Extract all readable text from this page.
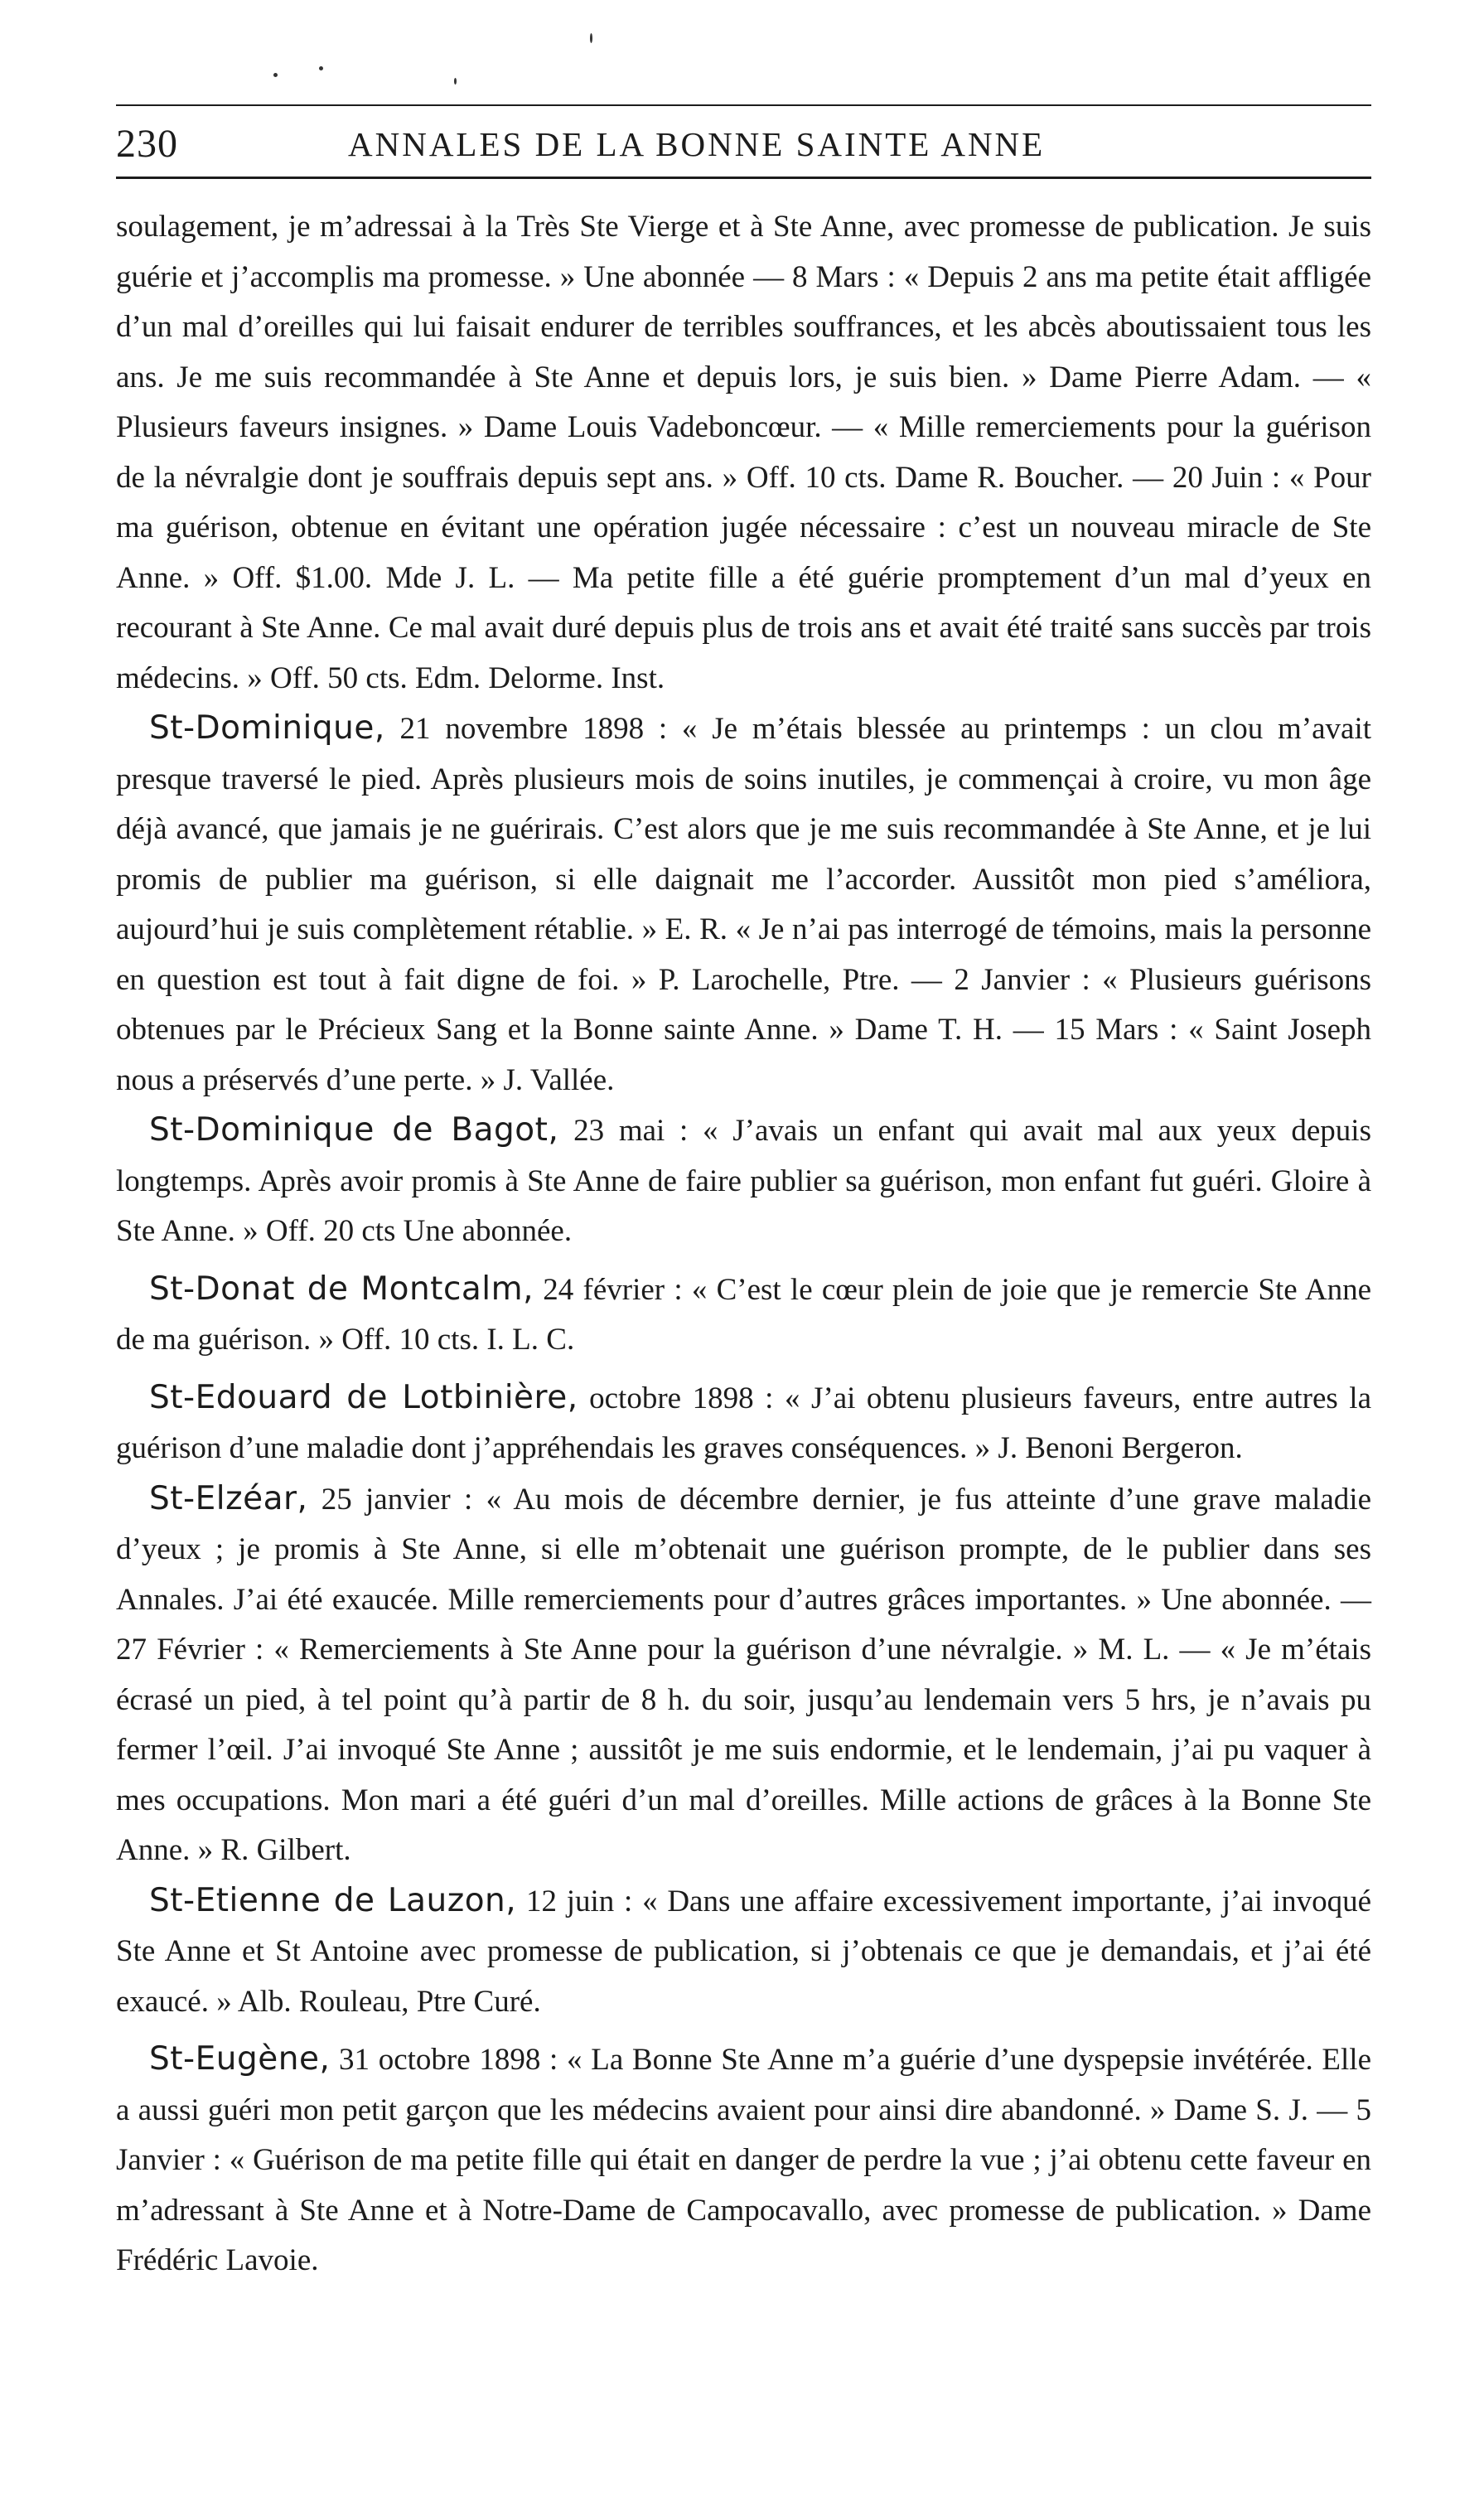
230	ANNALES DE LA BONNE SAINTE ANNE

soulagement, je m’adressai à la Très Ste Vierge et à Ste Anne, avec promesse de publication. Je suis guérie et j’accomplis ma promesse. » Une abonnée — 8 Mars : « Depuis 2 ans ma petite était affligée d’un mal d’oreilles qui lui faisait endurer de terribles souffrances, et les abcès aboutissaient tous les ans. Je me suis recommandée à Ste Anne et depuis lors, je suis bien. » Dame Pierre Adam. — « Plusieurs faveurs insignes. » Dame Louis Vadeboncœur. — « Mille remerciements pour la guérison de la névralgie dont je souffrais depuis sept ans. » Off. 10 cts. Dame R. Boucher. — 20 Juin : « Pour ma guérison, obtenue en évitant une opération jugée nécessaire : c’est un nouveau miracle de Ste Anne. » Off. $1.00. Mde J. L. — Ma petite fille a été guérie promptement d’un mal d’yeux en recourant à Ste Anne. Ce mal avait duré depuis plus de trois ans et avait été traité sans succès par trois médecins. » Off. 50 cts. Edm. Delorme. Inst.

St-Dominique, 21 novembre 1898 : « Je m’étais blessée au printemps : un clou m’avait presque traversé le pied. Après plusieurs mois de soins inutiles, je commençai à croire, vu mon âge déjà avancé, que jamais je ne guérirais. C’est alors que je me suis recommandée à Ste Anne, et je lui promis de publier ma guérison, si elle daignait me l’accorder. Aussitôt mon pied s’améliora, aujourd’hui je suis complètement rétablie. » E. R. « Je n’ai pas interrogé de témoins, mais la personne en question est tout à fait digne de foi. » P. Larochelle, Ptre. — 2 Janvier : « Plusieurs guérisons obtenues par le Précieux Sang et la Bonne sainte Anne. » Dame T. H. — 15 Mars : « Saint Joseph nous a préservés d’une perte. » J. Vallée.

St-Dominique de Bagot, 23 mai : « J’avais un enfant qui avait mal aux yeux depuis longtemps. Après avoir promis à Ste Anne de faire publier sa guérison, mon enfant fut guéri. Gloire à Ste Anne. » Off. 20 cts Une abonnée.

St-Donat de Montcalm, 24 février : « C’est le cœur plein de joie que je remercie Ste Anne de ma guérison. » Off. 10 cts. I. L. C.

St-Edouard de Lotbinière, octobre 1898 : « J’ai obtenu plusieurs faveurs, entre autres la guérison d’une maladie dont j’appréhendais les graves conséquences. » J. Benoni Bergeron.

St-Elzéar, 25 janvier : « Au mois de décembre dernier, je fus atteinte d’une grave maladie d’yeux ; je promis à Ste Anne, si elle m’obtenait une guérison prompte, de le publier dans ses Annales. J’ai été exaucée. Mille remerciements pour d’autres grâces importantes. » Une abonnée. — 27 Février : « Remerciements à Ste Anne pour la guérison d’une névralgie. » M. L. — « Je m’étais écrasé un pied, à tel point qu’à partir de 8 h. du soir, jusqu’au lendemain vers 5 hrs, je n’avais pu fermer l’œil. J’ai invoqué Ste Anne ; aussitôt je me suis endormie, et le lendemain, j’ai pu vaquer à mes occupations. Mon mari a été guéri d’un mal d’oreilles. Mille actions de grâces à la Bonne Ste Anne. » R. Gilbert.

St-Etienne de Lauzon, 12 juin : « Dans une affaire excessivement importante, j’ai invoqué Ste Anne et St Antoine avec promesse de publication, si j’obtenais ce que je demandais, et j’ai été exaucé. » Alb. Rouleau, Ptre Curé.

St-Eugène, 31 octobre 1898 : « La Bonne Ste Anne m’a guérie d’une dyspepsie invétérée. Elle a aussi guéri mon petit garçon que les médecins avaient pour ainsi dire abandonné. » Dame S. J. — 5 Janvier : « Guérison de ma petite fille qui était en danger de perdre la vue ; j’ai obtenu cette faveur en m’adressant à Ste Anne et à Notre-Dame de Campocavallo, avec promesse de publication. » Dame Frédéric Lavoie.
